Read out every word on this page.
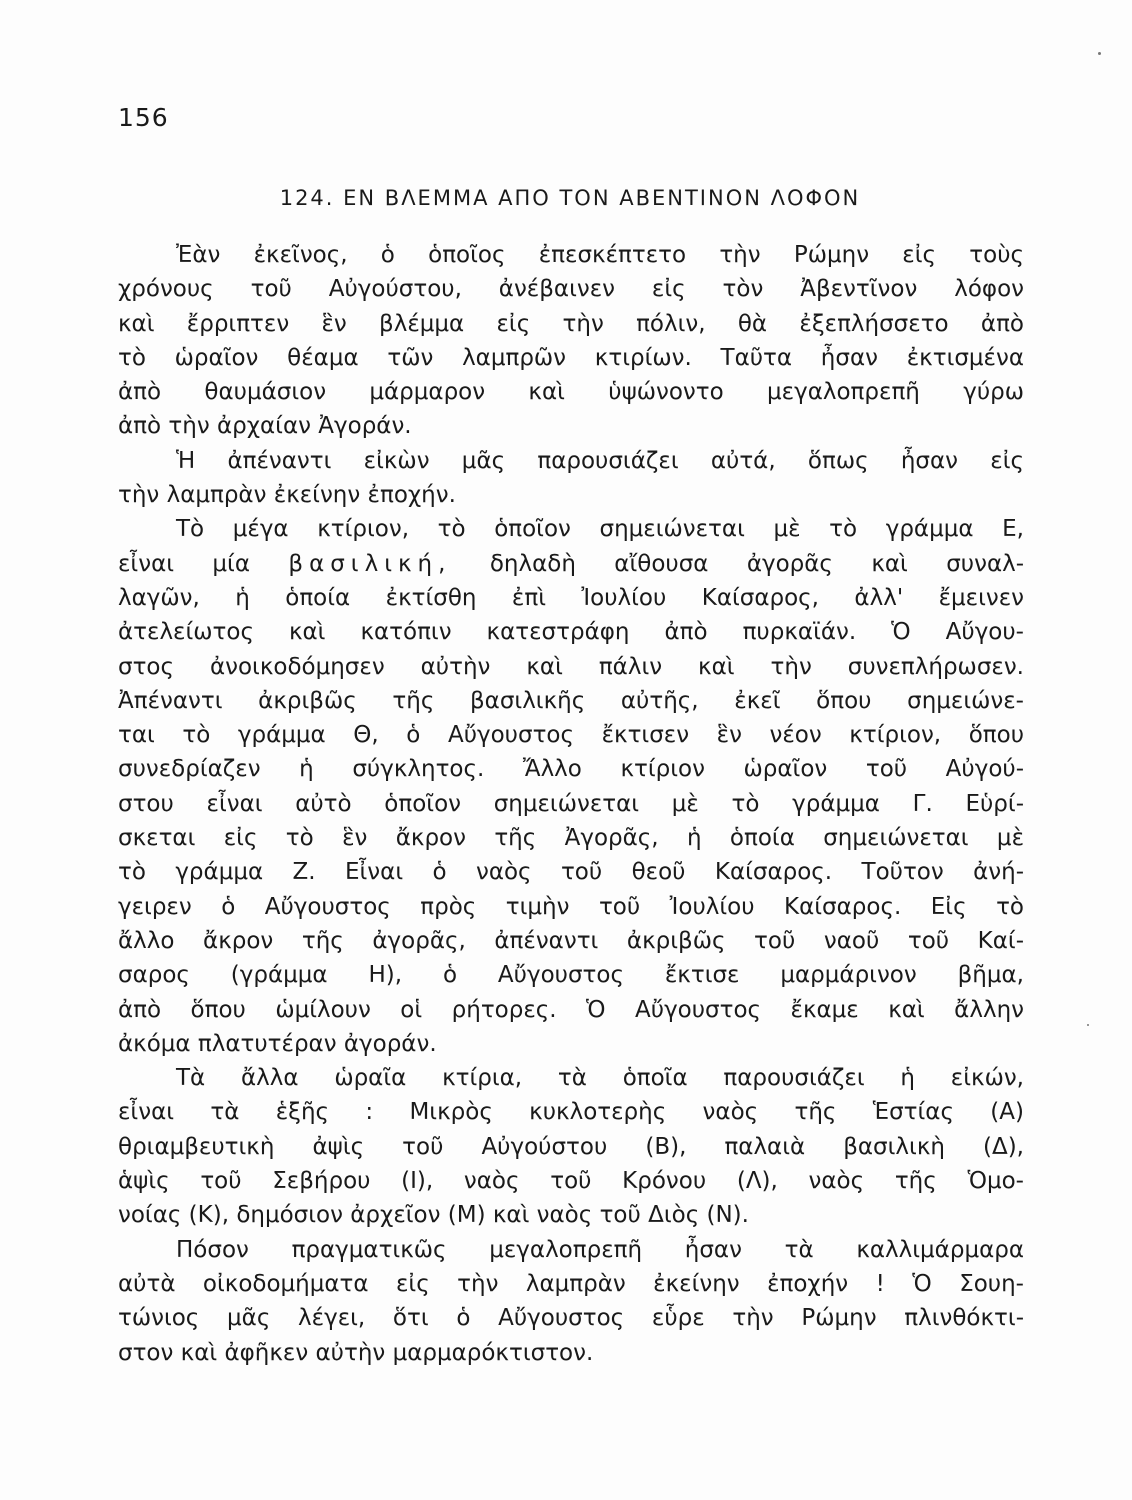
156
124. ΕΝ ΒΛΕΜΜΑ ΑΠΟ ΤΟΝ ΑΒΕΝΤΙΝΟΝ ΛΟΦΟΝ
Ἐὰν ἐκεῖνος, ὁ ὁποῖος ἐπεσκέπτετο τὴν Ρώμην εἰς τοὺς
χρόνους τοῦ Αὐγούστου, ἀνέβαινεν εἰς τὸν Ἀβεντῖνον λόφον
καὶ ἔρριπτεν ἓν βλέμμα εἰς τὴν πόλιν, θὰ ἐξεπλήσσετο ἀπὸ
τὸ ὡραῖον θέαμα τῶν λαμπρῶν κτιρίων. Ταῦτα ἦσαν ἐκτισμένα
ἀπὸ θαυμάσιον μάρμαρον καὶ ὑψώνοντο μεγαλοπρεπῆ γύρω
ἀπὸ τὴν ἀρχαίαν Ἀγοράν.
Ἡ ἀπέναντι εἰκὼν μᾶς παρουσιάζει αὐτά, ὅπως ἦσαν εἰς
τὴν λαμπρὰν ἐκείνην ἐποχήν.
Τὸ μέγα κτίριον, τὸ ὁποῖον σημειώνεται μὲ τὸ γράμμα Ε,
εἶναι μία βασιλική, δηλαδὴ αἴθουσα ἀγορᾶς καὶ συναλ-
λαγῶν, ἡ ὁποία ἐκτίσθη ἐπὶ Ἰουλίου Καίσαρος, ἀλλ' ἔμεινεν
ἀτελείωτος καὶ κατόπιν κατεστράφη ἀπὸ πυρκαϊάν. Ὁ Αὔγου-
στος ἀνοικοδόμησεν αὐτὴν καὶ πάλιν καὶ τὴν συνεπλήρωσεν.
Ἀπέναντι ἀκριβῶς τῆς βασιλικῆς αὐτῆς, ἐκεῖ ὅπου σημειώνε-
ται τὸ γράμμα Θ, ὁ Αὔγουστος ἔκτισεν ἓν νέον κτίριον, ὅπου
συνεδρίαζεν ἡ σύγκλητος. Ἄλλο κτίριον ὡραῖον τοῦ Αὐγού-
στου εἶναι αὐτὸ ὁποῖον σημειώνεται μὲ τὸ γράμμα Γ. Εὑρί-
σκεται εἰς τὸ ἓν ἄκρον τῆς Ἀγορᾶς, ἡ ὁποία σημειώνεται μὲ
τὸ γράμμα Ζ. Εἶναι ὁ ναὸς τοῦ θεοῦ Καίσαρος. Τοῦτον ἀνή-
γειρεν ὁ Αὔγουστος πρὸς τιμὴν τοῦ Ἰουλίου Καίσαρος. Εἰς τὸ
ἄλλο ἄκρον τῆς ἀγορᾶς, ἀπέναντι ἀκριβῶς τοῦ ναοῦ τοῦ Καί-
σαρος (γράμμα Η), ὁ Αὔγουστος ἔκτισε μαρμάρινον βῆμα,
ἀπὸ ὅπου ὡμίλουν οἱ ρήτορες. Ὁ Αὔγουστος ἔκαμε καὶ ἄλλην
ἀκόμα πλατυτέραν ἀγοράν.
Τὰ ἄλλα ὡραῖα κτίρια, τὰ ὁποῖα παρουσιάζει ἡ εἰκών,
εἶναι τὰ ἑξῆς : Μικρὸς κυκλοτερὴς ναὸς τῆς Ἑστίας (Α)
θριαμβευτικὴ ἀψὶς τοῦ Αὐγούστου (Β), παλαιὰ βασιλικὴ (Δ),
ἁψὶς τοῦ Σεβήρου (Ι), ναὸς τοῦ Κρόνου (Λ), ναὸς τῆς Ὁμο-
νοίας (Κ), δημόσιον ἀρχεῖον (Μ) καὶ ναὸς τοῦ Διὸς (Ν).
Πόσον πραγματικῶς μεγαλοπρεπῆ ἦσαν τὰ καλλιμάρμαρα
αὐτὰ οἰκοδομήματα εἰς τὴν λαμπρὰν ἐκείνην ἐποχήν ! Ὁ Σουη-
τώνιος μᾶς λέγει, ὅτι ὁ Αὔγουστος εὗρε τὴν Ρώμην πλινθόκτι-
στον καὶ ἀφῆκεν αὐτὴν μαρμαρόκτιστον.
